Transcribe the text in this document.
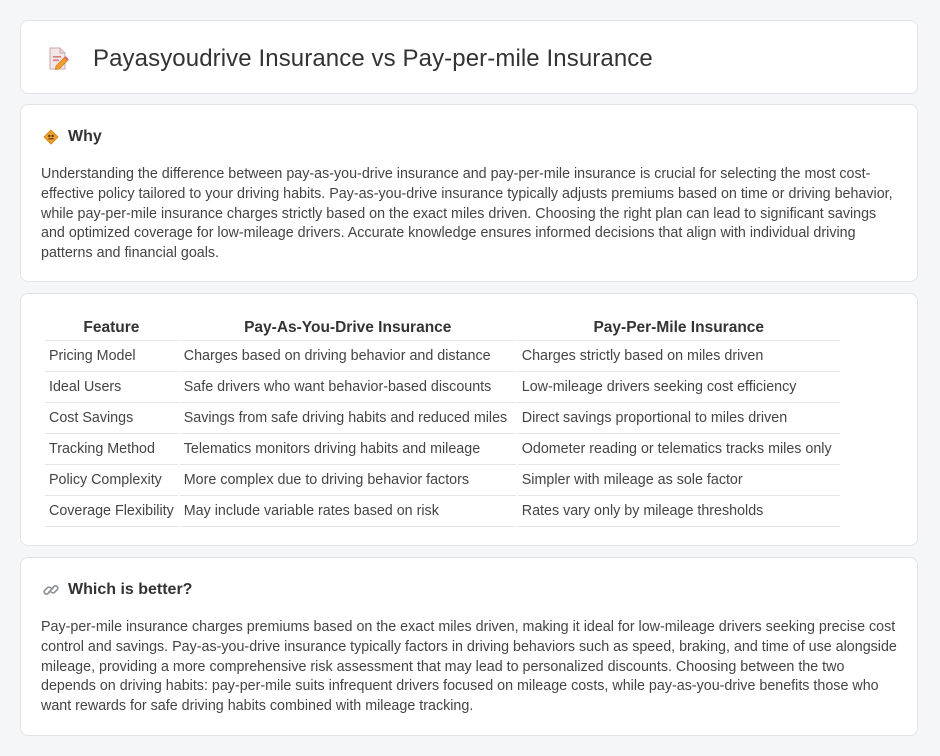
Payasyoudrive Insurance vs Pay-per-mile Insurance
Why
Understanding the difference between pay-as-you-drive insurance and pay-per-mile insurance is crucial for selecting the most cost-effective policy tailored to your driving habits. Pay-as-you-drive insurance typically adjusts premiums based on time or driving behavior, while pay-per-mile insurance charges strictly based on the exact miles driven. Choosing the right plan can lead to significant savings and optimized coverage for low-mileage drivers. Accurate knowledge ensures informed decisions that align with individual driving patterns and financial goals.
Feature	Pay-As-You-Drive Insurance	Pay-Per-Mile Insurance
Pricing Model	Charges based on driving behavior and distance	Charges strictly based on miles driven
Ideal Users	Safe drivers who want behavior-based discounts	Low-mileage drivers seeking cost efficiency
Cost Savings	Savings from safe driving habits and reduced miles	Direct savings proportional to miles driven
Tracking Method	Telematics monitors driving habits and mileage	Odometer reading or telematics tracks miles only
Policy Complexity	More complex due to driving behavior factors	Simpler with mileage as sole factor
Coverage Flexibility	May include variable rates based on risk	Rates vary only by mileage thresholds
Which is better?
Pay-per-mile insurance charges premiums based on the exact miles driven, making it ideal for low-mileage drivers seeking precise cost control and savings. Pay-as-you-drive insurance typically factors in driving behaviors such as speed, braking, and time of use alongside mileage, providing a more comprehensive risk assessment that may lead to personalized discounts. Choosing between the two depends on driving habits: pay-per-mile suits infrequent drivers focused on mileage costs, while pay-as-you-drive benefits those who want rewards for safe driving habits combined with mileage tracking.
